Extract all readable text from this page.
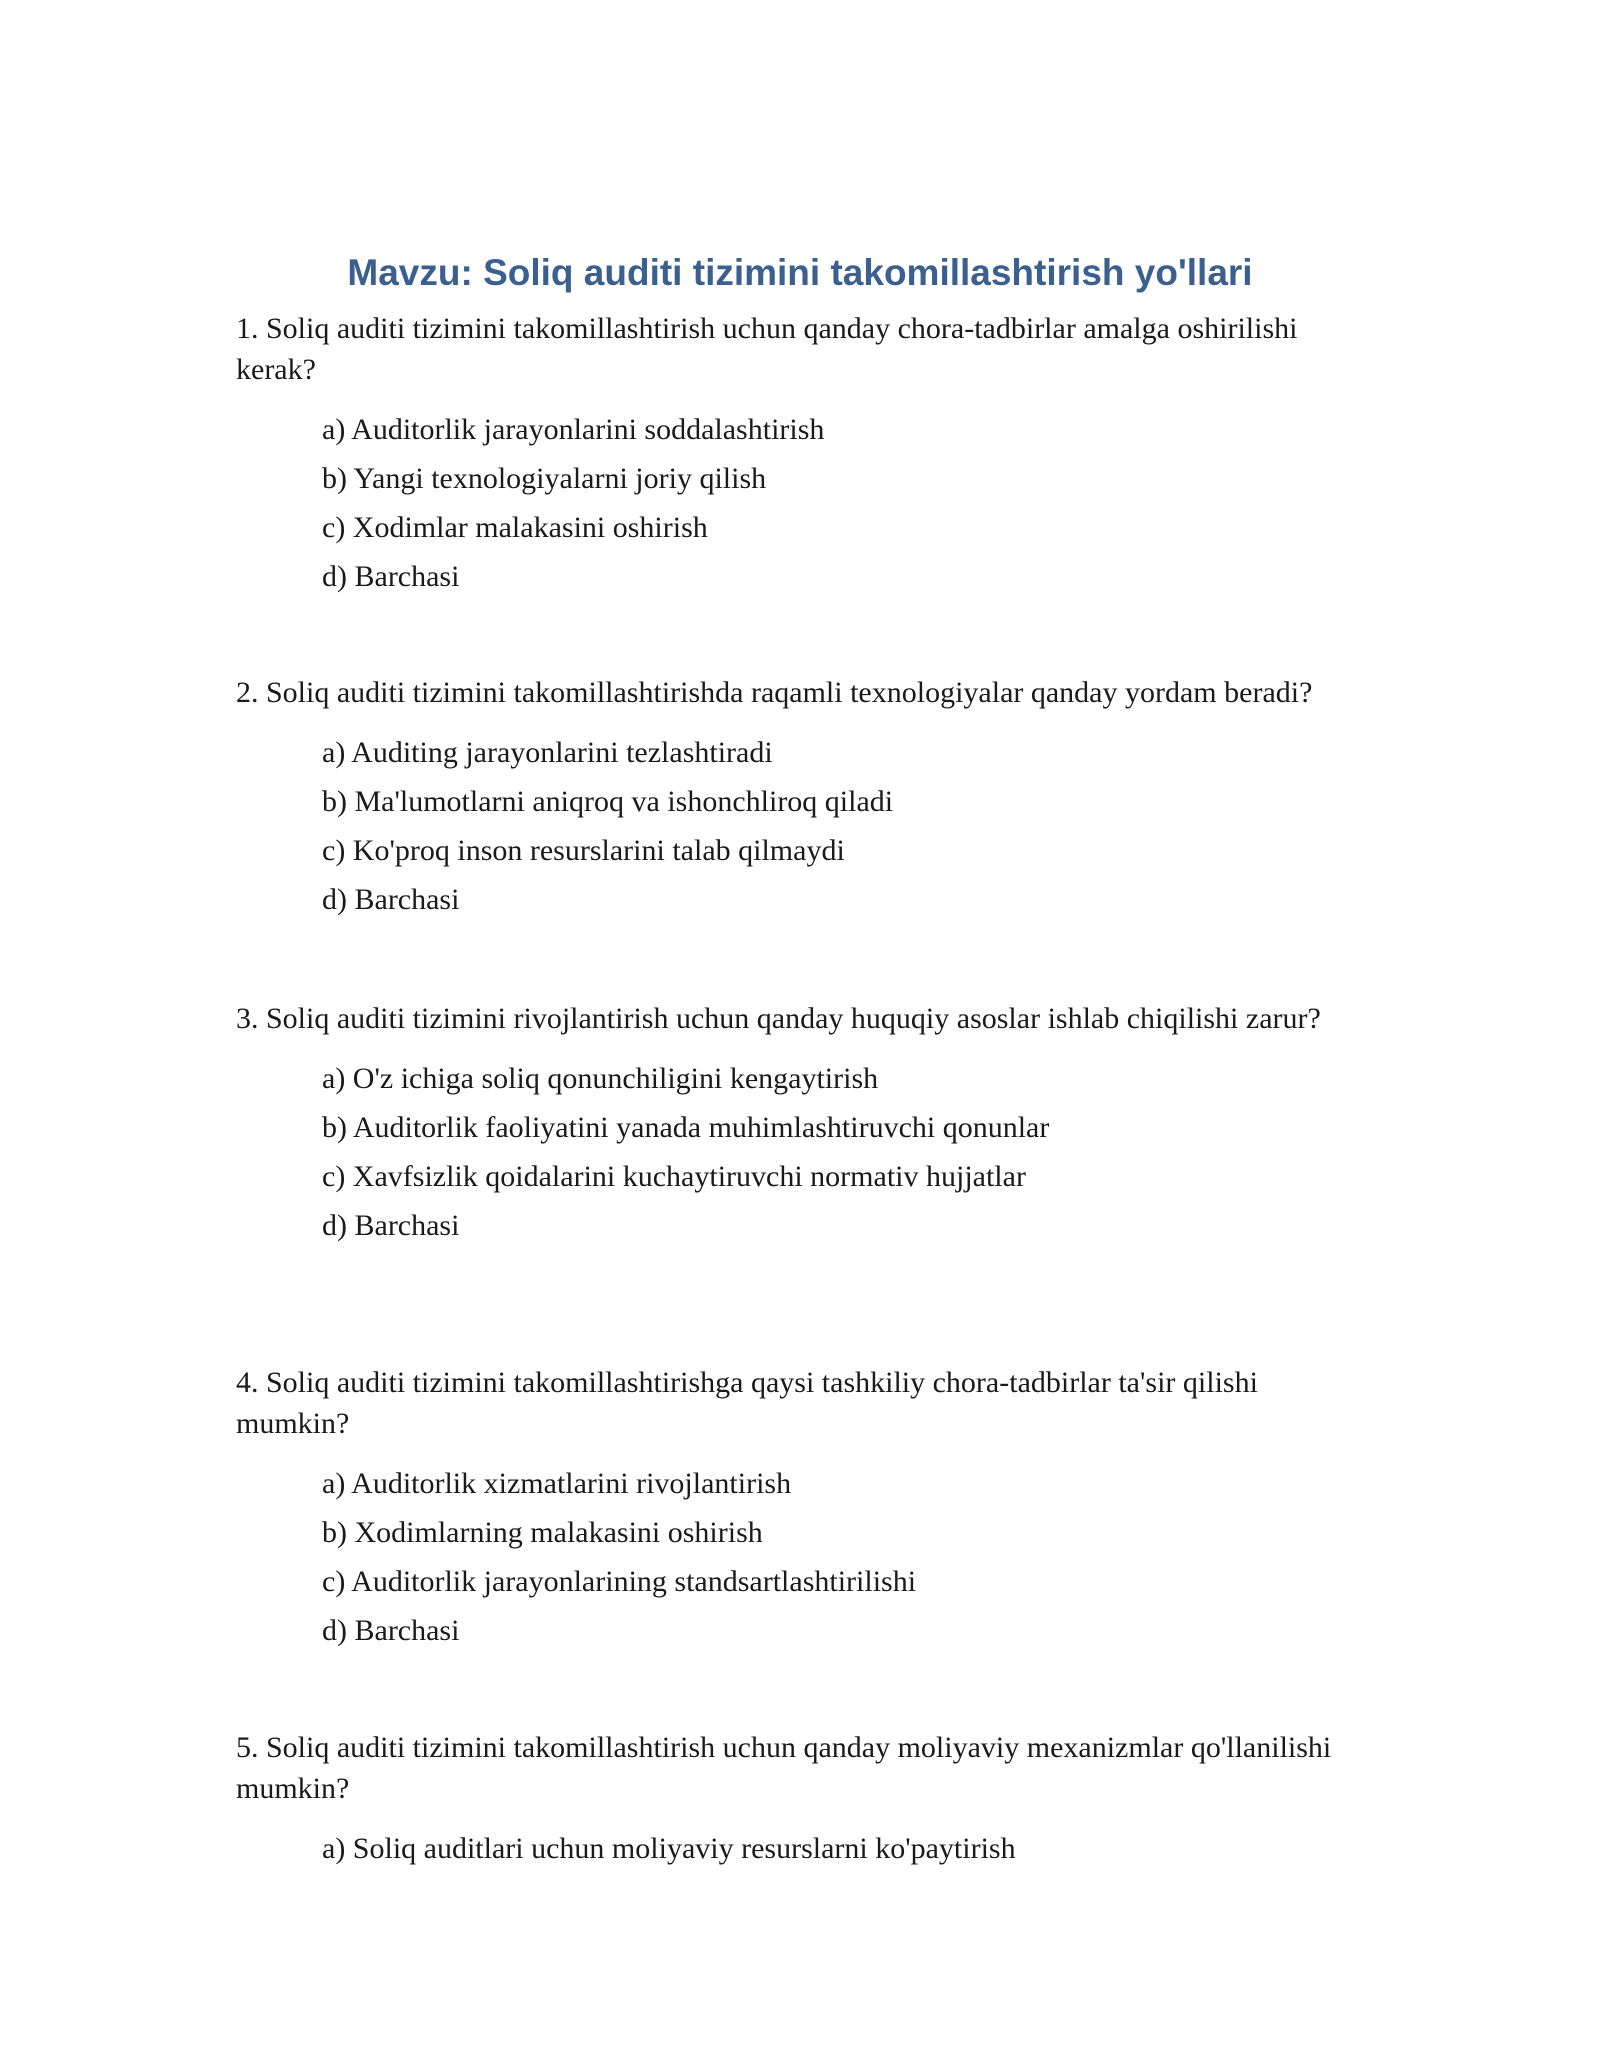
Mavzu: Soliq auditi tizimini takomillashtirish yo'llari

1. Soliq auditi tizimini takomillashtirish uchun qanday chora-tadbirlar amalga oshirilishi kerak?

a) Auditorlik jarayonlarini soddalashtirish
b) Yangi texnologiyalarni joriy qilish
c) Xodimlar malakasini oshirish
d) Barchasi

2. Soliq auditi tizimini takomillashtirishda raqamli texnologiyalar qanday yordam beradi?

a) Auditing jarayonlarini tezlashtiradi
b) Ma'lumotlarni aniqroq va ishonchliroq qiladi
c) Ko'proq inson resurslarini talab qilmaydi
d) Barchasi

3. Soliq auditi tizimini rivojlantirish uchun qanday huquqiy asoslar ishlab chiqilishi zarur?

a) O'z ichiga soliq qonunchiligini kengaytirish
b) Auditorlik faoliyatini yanada muhimlashtiruvchi qonunlar
c) Xavfsizlik qoidalarini kuchaytiruvchi normativ hujjatlar
d) Barchasi

4. Soliq auditi tizimini takomillashtirishga qaysi tashkiliy chora-tadbirlar ta'sir qilishi mumkin?

a) Auditorlik xizmatlarini rivojlantirish
b) Xodimlarning malakasini oshirish
c) Auditorlik jarayonlarining standsartlashtirilishi
d) Barchasi

5. Soliq auditi tizimini takomillashtirish uchun qanday moliyaviy mexanizmlar qo'llanilishi mumkin?

a) Soliq auditlari uchun moliyaviy resurslarni ko'paytirish
